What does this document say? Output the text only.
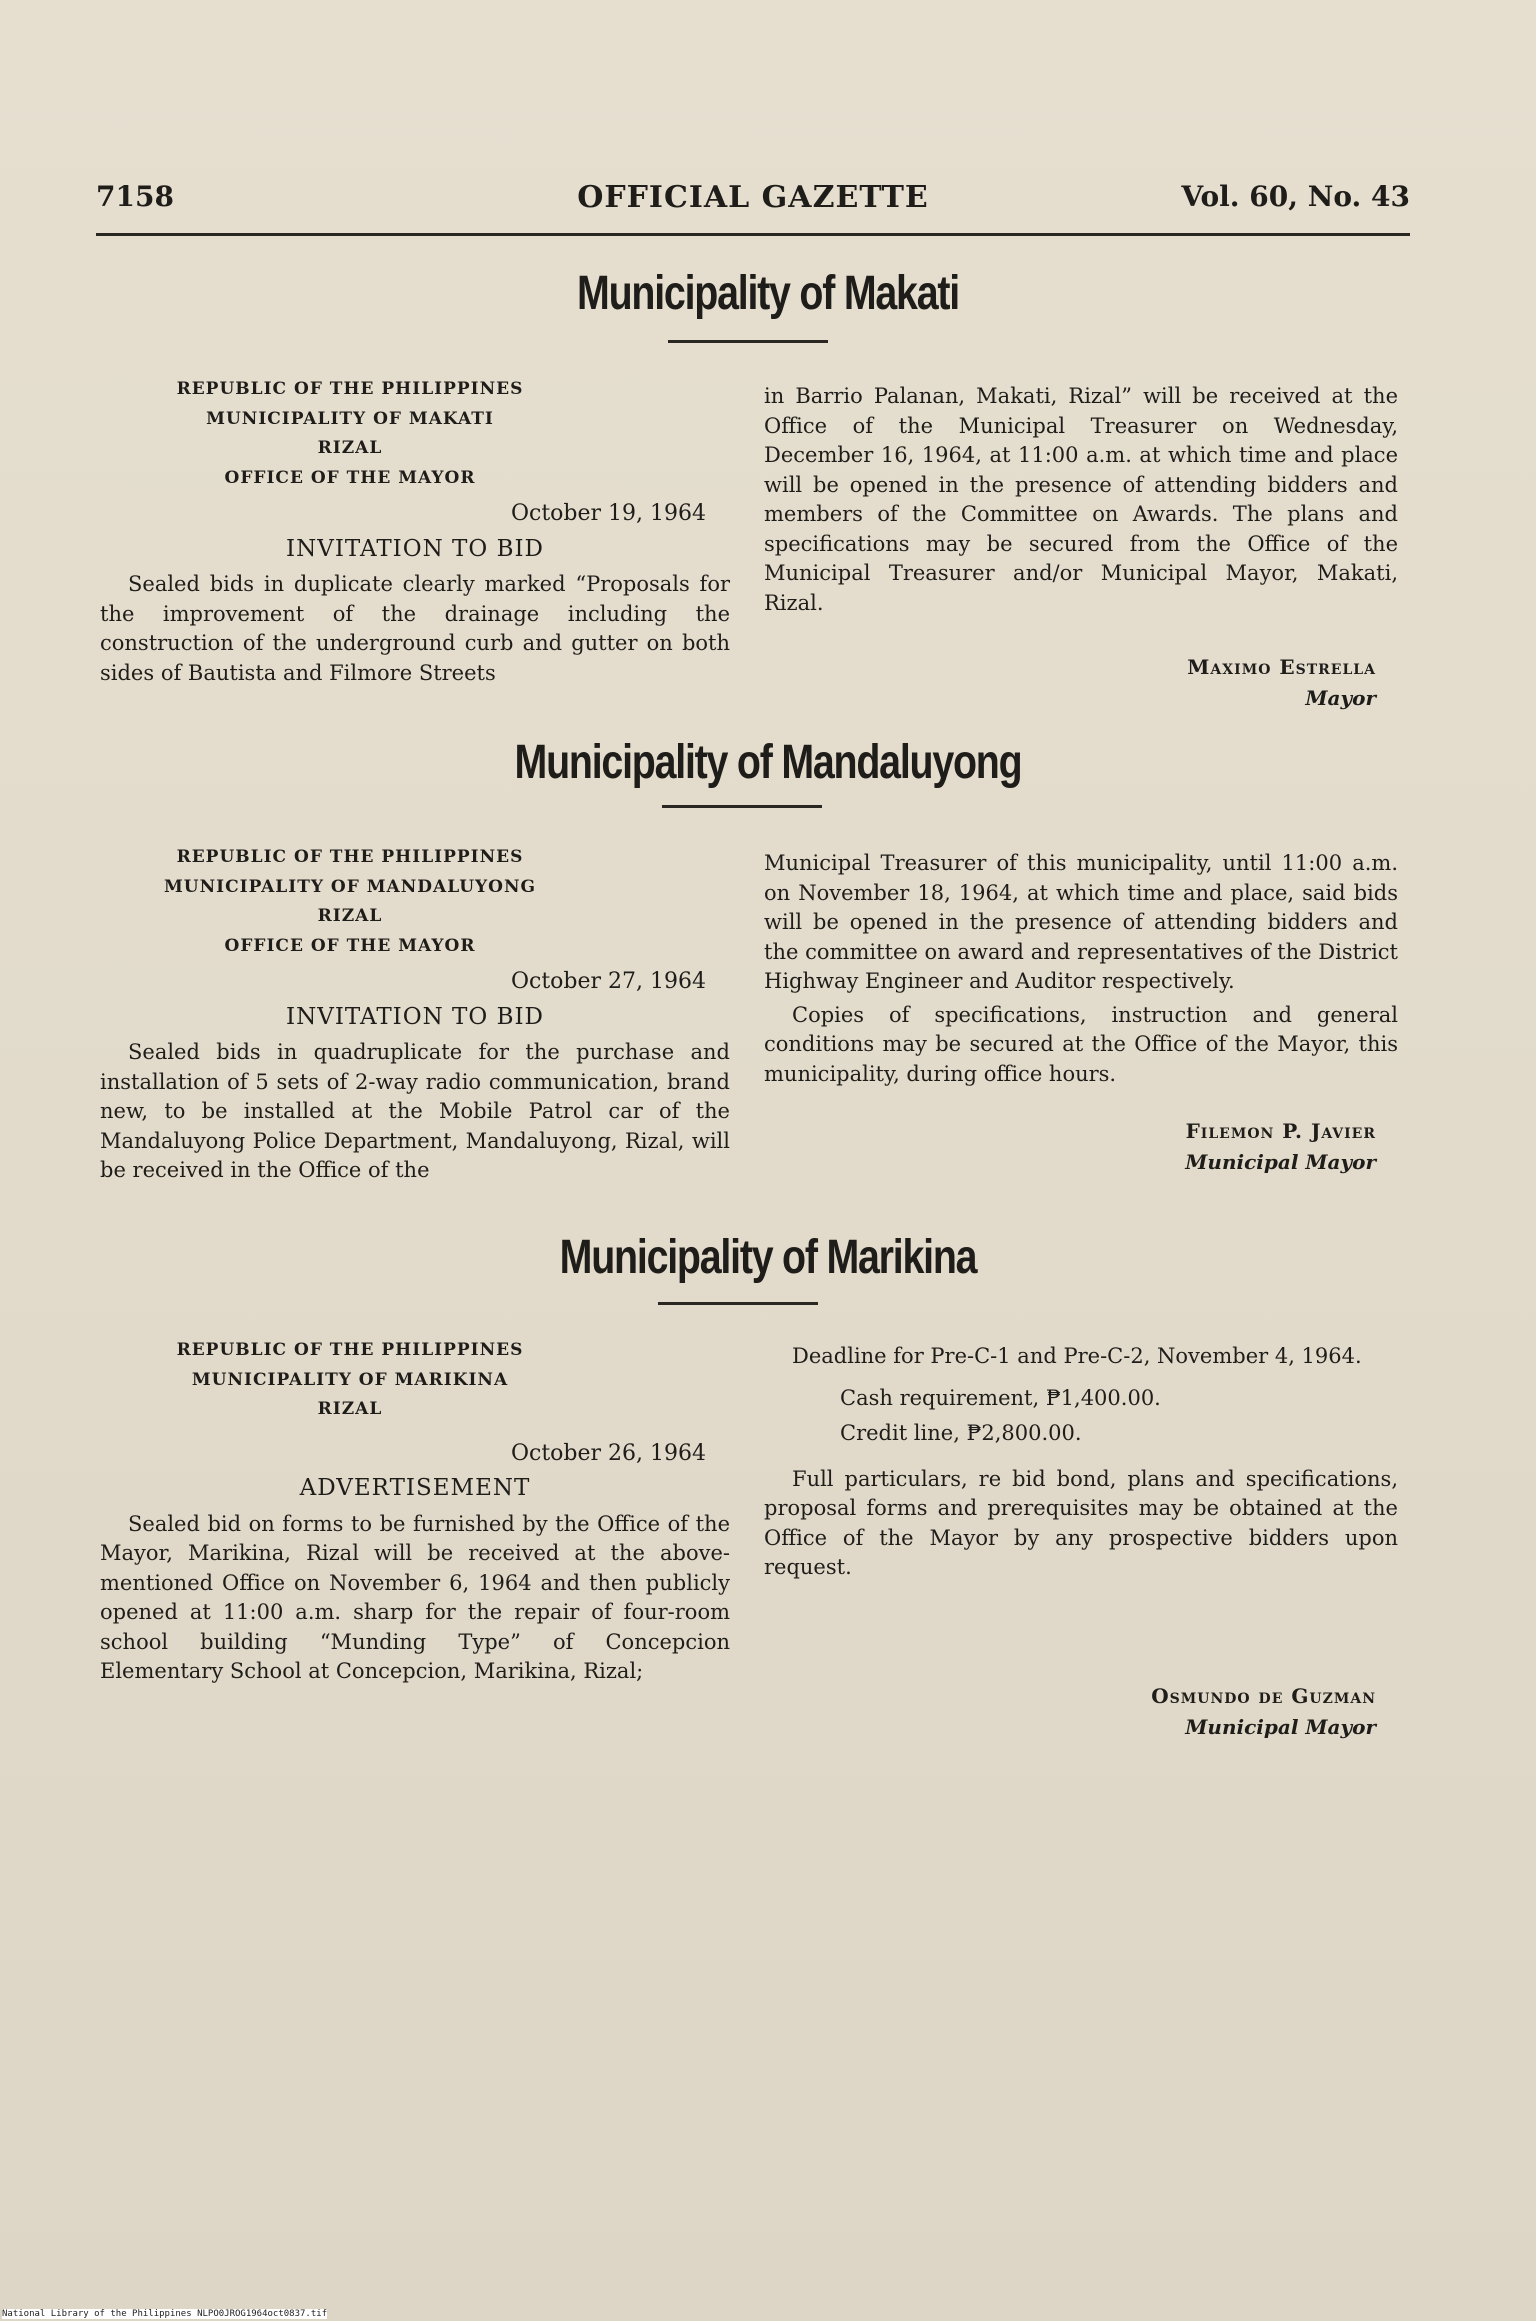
7158	OFFICIAL GAZETTE	Vol. 60, No. 43
Municipality of Makati
REPUBLIC OF THE PHILIPPINES
MUNICIPALITY OF MAKATI
RIZAL
OFFICE OF THE MAYOR
October 19, 1964
INVITATION TO BID

Sealed bids in duplicate clearly marked “Proposals for the improvement of the drainage including the construction of the underground curb and gutter on both sides of Bautista and Filmore Streets

in Barrio Palanan, Makati, Rizal” will be received at the Office of the Municipal Treasurer on Wednesday, December 16, 1964, at 11:00 a.m. at which time and place will be opened in the presence of attending bidders and members of the Committee on Awards. The plans and specifications may be secured from the Office of the Municipal Treasurer and/or Municipal Mayor, Makati, Rizal.

Maximo Estrella
Mayor
Municipality of Mandaluyong
REPUBLIC OF THE PHILIPPINES
MUNICIPALITY OF MANDALUYONG
RIZAL
OFFICE OF THE MAYOR
October 27, 1964
INVITATION TO BID

Sealed bids in quadruplicate for the purchase and installation of 5 sets of 2-way radio communication, brand new, to be installed at the Mobile Patrol car of the Mandaluyong Police Department, Mandaluyong, Rizal, will be received in the Office of the

Municipal Treasurer of this municipality, until 11:00 a.m. on November 18, 1964, at which time and place, said bids will be opened in the presence of attending bidders and the committee on award and representatives of the District Highway Engineer and Auditor respectively.

Copies of specifications, instruction and general conditions may be secured at the Office of the Mayor, this municipality, during office hours.

Filemon P. Javier
Municipal Mayor
Municipality of Marikina
REPUBLIC OF THE PHILIPPINES
MUNICIPALITY OF MARIKINA
RIZAL
October 26, 1964
ADVERTISEMENT

Sealed bid on forms to be furnished by the Office of the Mayor, Marikina, Rizal will be received at the above-mentioned Office on November 6, 1964 and then publicly opened at 11:00 a.m. sharp for the repair of four-room school building “Munding Type” of Concepcion Elementary School at Concepcion, Marikina, Rizal;

Deadline for Pre-C-1 and Pre-C-2, November 4, 1964.

Cash requirement, ₱1,400.00.

Credit line, ₱2,800.00.

Full particulars, re bid bond, plans and specifications, proposal forms and prerequisites may be obtained at the Office of the Mayor by any prospective bidders upon request.

Osmundo de Guzman
Municipal Mayor
National Library of the Philippines NLPO0JROG1964oct0837.tif
